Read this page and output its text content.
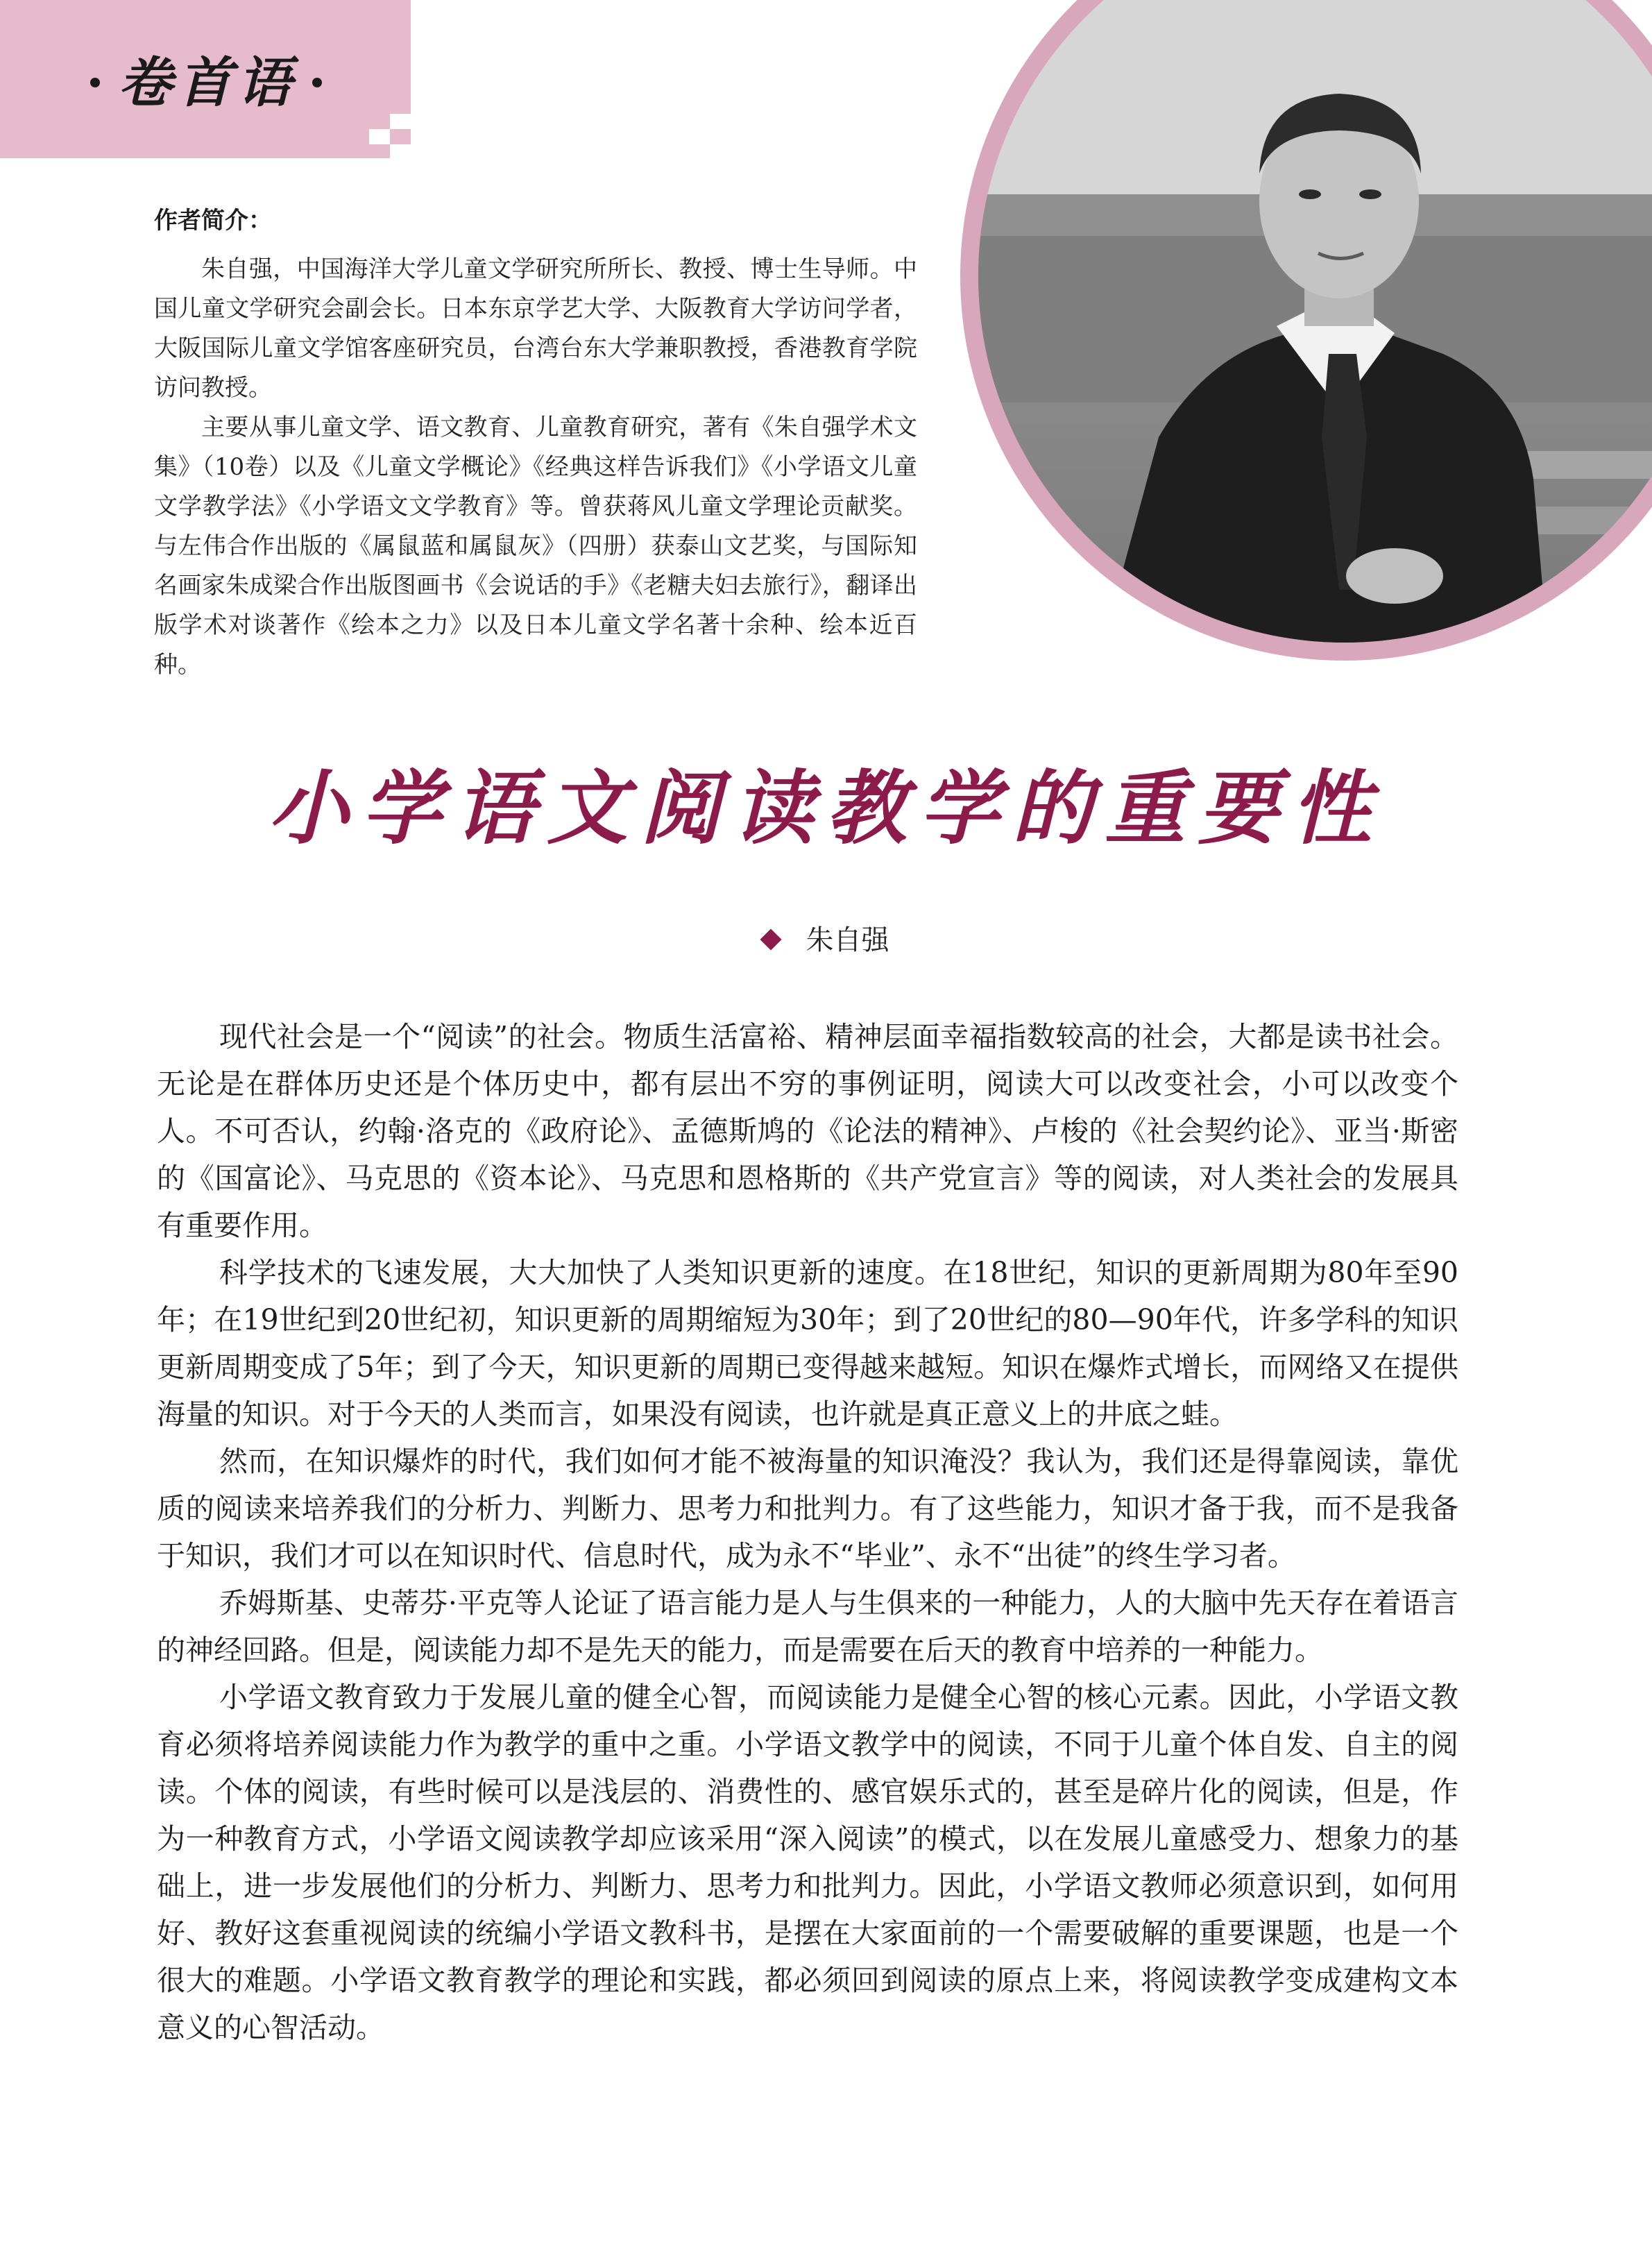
卷首语
作者简介：

朱自强，中国海洋大学儿童文学研究所所长、教授、博士生导师。中国儿童文学研究会副会长。日本东京学艺大学、大阪教育大学访问学者，大阪国际儿童文学馆客座研究员，台湾台东大学兼职教授，香港教育学院访问教授。

主要从事儿童文学、语文教育、儿童教育研究，著有《朱自强学术文集》（10卷）以及《儿童文学概论》《经典这样告诉我们》《小学语文儿童文学教学法》《小学语文文学教育》等。曾获蒋风儿童文学理论贡献奖。与左伟合作出版的《属鼠蓝和属鼠灰》（四册）获泰山文艺奖，与国际知名画家朱成梁合作出版图画书《会说话的手》《老糖夫妇去旅行》，翻译出版学术对谈著作《绘本之力》以及日本儿童文学名著十余种、绘本近百种。

小学语文阅读教学的重要性
朱自强

现代社会是一个“阅读”的社会。物质生活富裕、精神层面幸福指数较高的社会，大都是读书社会。无论是在群体历史还是个体历史中，都有层出不穷的事例证明，阅读大可以改变社会，小可以改变个人。不可否认，约翰·洛克的《政府论》、孟德斯鸠的《论法的精神》、卢梭的《社会契约论》、亚当·斯密的《国富论》、马克思的《资本论》、马克思和恩格斯的《共产党宣言》等的阅读，对人类社会的发展具有重要作用。

科学技术的飞速发展，大大加快了人类知识更新的速度。在18世纪，知识的更新周期为80年至90年；在19世纪到20世纪初，知识更新的周期缩短为30年；到了20世纪的80—90年代，许多学科的知识更新周期变成了5年；到了今天，知识更新的周期已变得越来越短。知识在爆炸式增长，而网络又在提供海量的知识。对于今天的人类而言，如果没有阅读，也许就是真正意义上的井底之蛙。

然而，在知识爆炸的时代，我们如何才能不被海量的知识淹没？我认为，我们还是得靠阅读，靠优质的阅读来培养我们的分析力、判断力、思考力和批判力。有了这些能力，知识才备于我，而不是我备于知识，我们才可以在知识时代、信息时代，成为永不“毕业”、永不“出徒”的终生学习者。

乔姆斯基、史蒂芬·平克等人论证了语言能力是人与生俱来的一种能力，人的大脑中先天存在着语言的神经回路。但是，阅读能力却不是先天的能力，而是需要在后天的教育中培养的一种能力。

小学语文教育致力于发展儿童的健全心智，而阅读能力是健全心智的核心元素。因此，小学语文教育必须将培养阅读能力作为教学的重中之重。小学语文教学中的阅读，不同于儿童个体自发、自主的阅读。个体的阅读，有些时候可以是浅层的、消费性的、感官娱乐式的，甚至是碎片化的阅读，但是，作为一种教育方式，小学语文阅读教学却应该采用“深入阅读”的模式，以在发展儿童感受力、想象力的基础上，进一步发展他们的分析力、判断力、思考力和批判力。因此，小学语文教师必须意识到，如何用好、教好这套重视阅读的统编小学语文教科书，是摆在大家面前的一个需要破解的重要课题，也是一个很大的难题。小学语文教育教学的理论和实践，都必须回到阅读的原点上来，将阅读教学变成建构文本意义的心智活动。
